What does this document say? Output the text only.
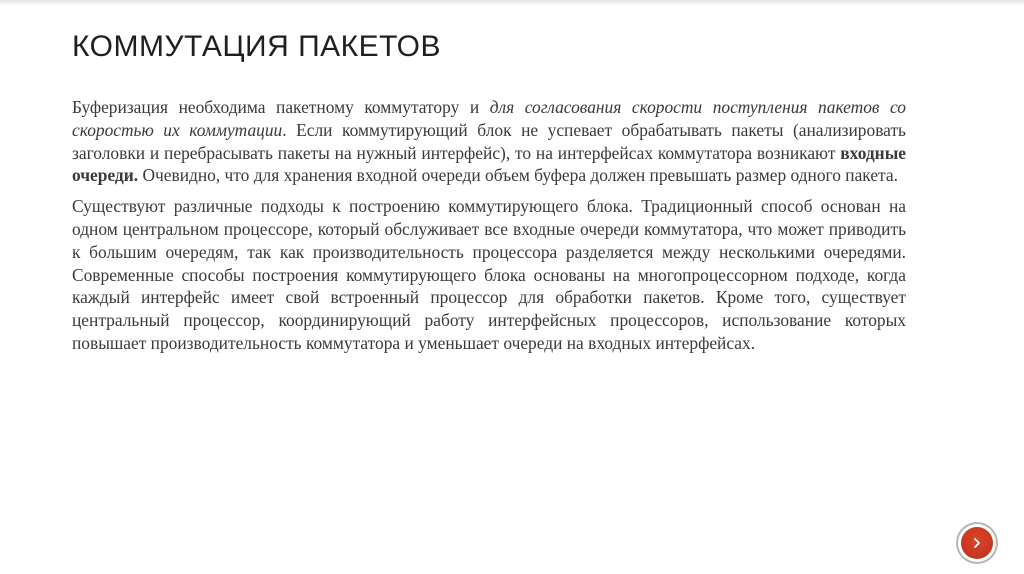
КОММУТАЦИЯ ПАКЕТОВ

Буферизация необходима пакетному коммутатору и для согласования скорости поступления пакетов со скоростью их коммутации. Если коммутирующий блок не успевает обрабатывать пакеты (анализировать заголовки и перебрасывать пакеты на нужный интерфейс), то на интерфейсах коммутатора возникают входные очереди. Очевидно, что для хранения входной очереди объем буфера должен превышать размер одного пакета.

Существуют различные подходы к построению коммутирующего блока. Традиционный способ основан на одном центральном процессоре, который обслуживает все входные очереди коммутатора, что может приводить к большим очередям, так как производительность процессора разделяется между несколькими очередями. Современные способы построения коммутирующего блока основаны на многопроцессорном подходе, когда каждый интерфейс имеет свой встроенный процессор для обработки пакетов. Кроме того, существует центральный процессор, координирующий работу интерфейсных процессоров, использование которых повышает производительность коммутатора и уменьшает очереди на входных интерфейсах.
